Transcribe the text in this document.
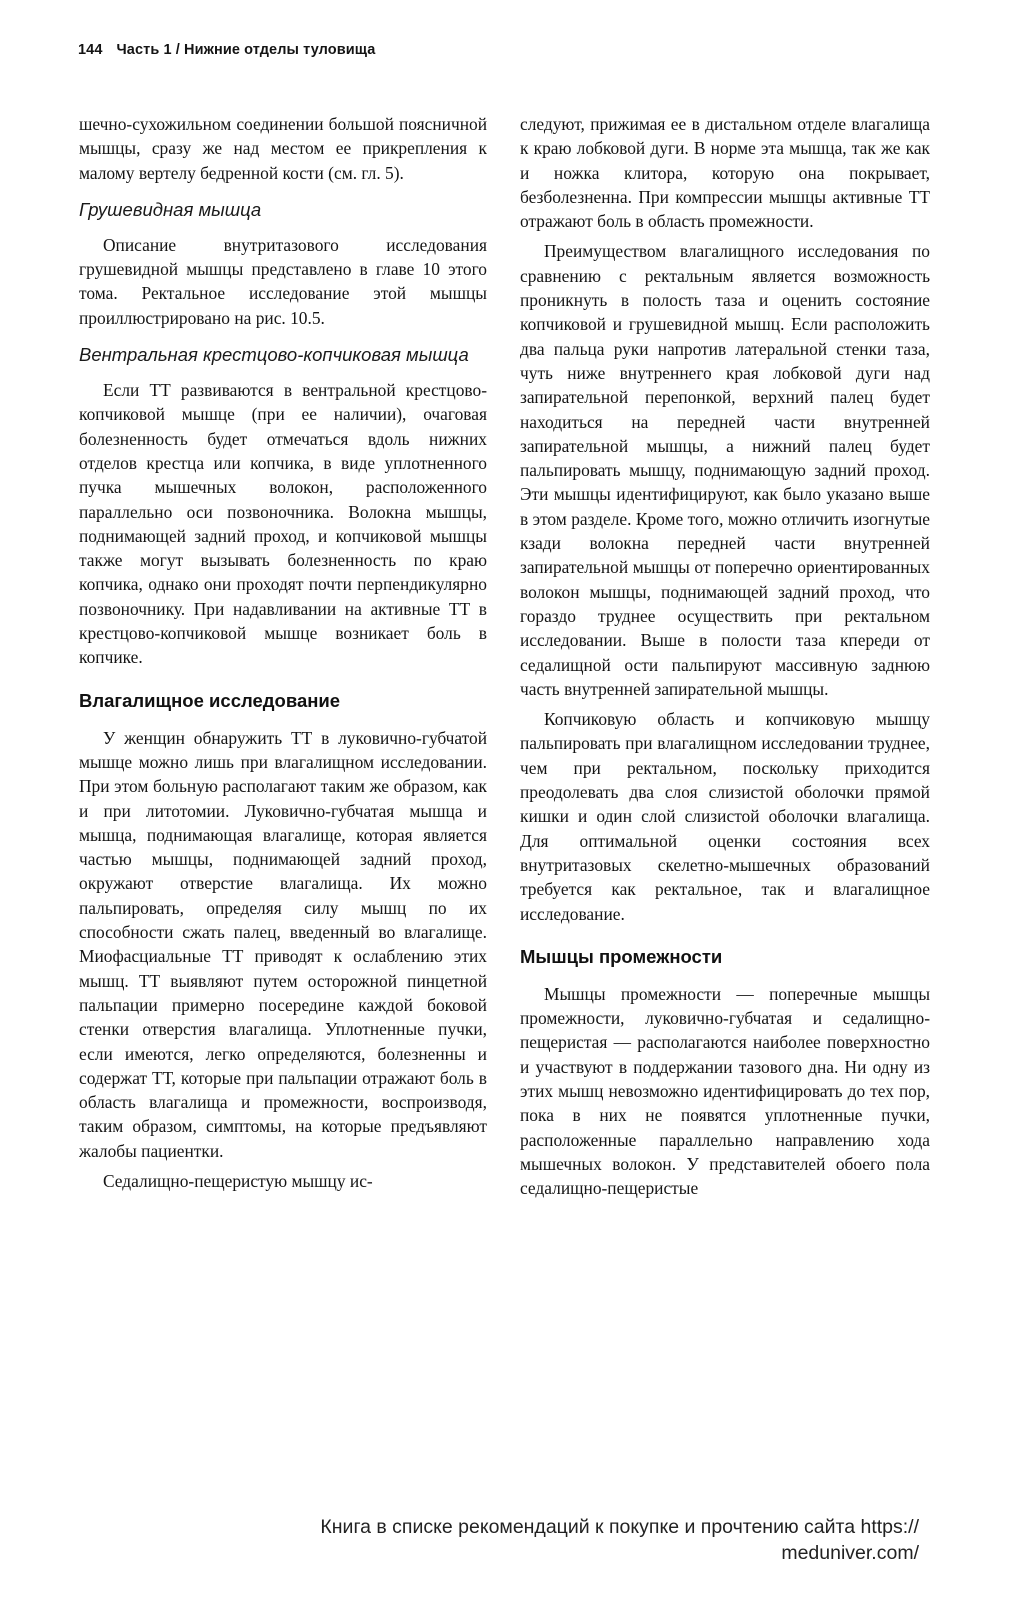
144 Часть 1 / Нижние отделы туловища

шечно-сухожильном соединении большой поясничной мышцы, сразу же над местом ее прикрепления к малому вертелу бедренной кости (см. гл. 5).

Грушевидная мышца

Описание внутритазового исследования грушевидной мышцы представлено в главе 10 этого тома. Ректальное исследование этой мышцы проиллюстрировано на рис. 10.5.

Вентральная крестцово-копчиковая мышца

Если ТТ развиваются в вентральной крестцово-копчиковой мышце (при ее наличии), очаговая болезненность будет отмечаться вдоль нижних отделов крестца или копчика, в виде уплотненного пучка мышечных волокон, расположенного параллельно оси позвоночника. Волокна мышцы, поднимающей задний проход, и копчиковой мышцы также могут вызывать болезненность по краю копчика, однако они проходят почти перпендикулярно позвоночнику. При надавливании на активные ТТ в крестцово-копчиковой мышце возникает боль в копчике.

Влагалищное исследование

У женщин обнаружить ТТ в луковично-губчатой мышце можно лишь при влагалищном исследовании. При этом больную располагают таким же образом, как и при литотомии. Луковично-губчатая мышца и мышца, поднимающая влагалище, которая является частью мышцы, поднимающей задний проход, окружают отверстие влагалища. Их можно пальпировать, определяя силу мышц по их способности сжать палец, введенный во влагалище. Миофасциальные ТТ приводят к ослаблению этих мышц. ТТ выявляют путем осторожной пинцетной пальпации примерно посередине каждой боковой стенки отверстия влагалища. Уплотненные пучки, если имеются, легко определяются, болезненны и содержат ТТ, которые при пальпации отражают боль в область влагалища и промежности, воспроизводя, таким образом, симптомы, на которые предъявляют жалобы пациентки.

Седалищно-пещеристую мышцу ис-

следуют, прижимая ее в дистальном отделе влагалища к краю лобковой дуги. В норме эта мышца, так же как и ножка клитора, которую она покрывает, безболезненна. При компрессии мышцы активные ТТ отражают боль в область промежности.

Преимуществом влагалищного исследования по сравнению с ректальным является возможность проникнуть в полость таза и оценить состояние копчиковой и грушевидной мышц. Если расположить два пальца руки напротив латеральной стенки таза, чуть ниже внутреннего края лобковой дуги над запирательной перепонкой, верхний палец будет находиться на передней части внутренней запирательной мышцы, а нижний палец будет пальпировать мышцу, поднимающую задний проход. Эти мышцы идентифицируют, как было указано выше в этом разделе. Кроме того, можно отличить изогнутые кзади волокна передней части внутренней запирательной мышцы от поперечно ориентированных волокон мышцы, поднимающей задний проход, что гораздо труднее осуществить при ректальном исследовании. Выше в полости таза кпереди от седалищной ости пальпируют массивную заднюю часть внутренней запирательной мышцы.

Копчиковую область и копчиковую мышцу пальпировать при влагалищном исследовании труднее, чем при ректальном, поскольку приходится преодолевать два слоя слизистой оболочки прямой кишки и один слой слизистой оболочки влагалища. Для оптимальной оценки состояния всех внутритазовых скелетно-мышечных образований требуется как ректальное, так и влагалищное исследование.

Мышцы промежности

Мышцы промежности — поперечные мышцы промежности, луковично-губчатая и седалищно-пещеристая — располагаются наиболее поверхностно и участвуют в поддержании тазового дна. Ни одну из этих мышц невозможно идентифицировать до тех пор, пока в них не появятся уплотненные пучки, расположенные параллельно направлению хода мышечных волокон. У представителей обоего пола седалищно-пещеристые

Книга в списке рекомендаций к покупке и прочтению сайта https://
meduniver.com/
